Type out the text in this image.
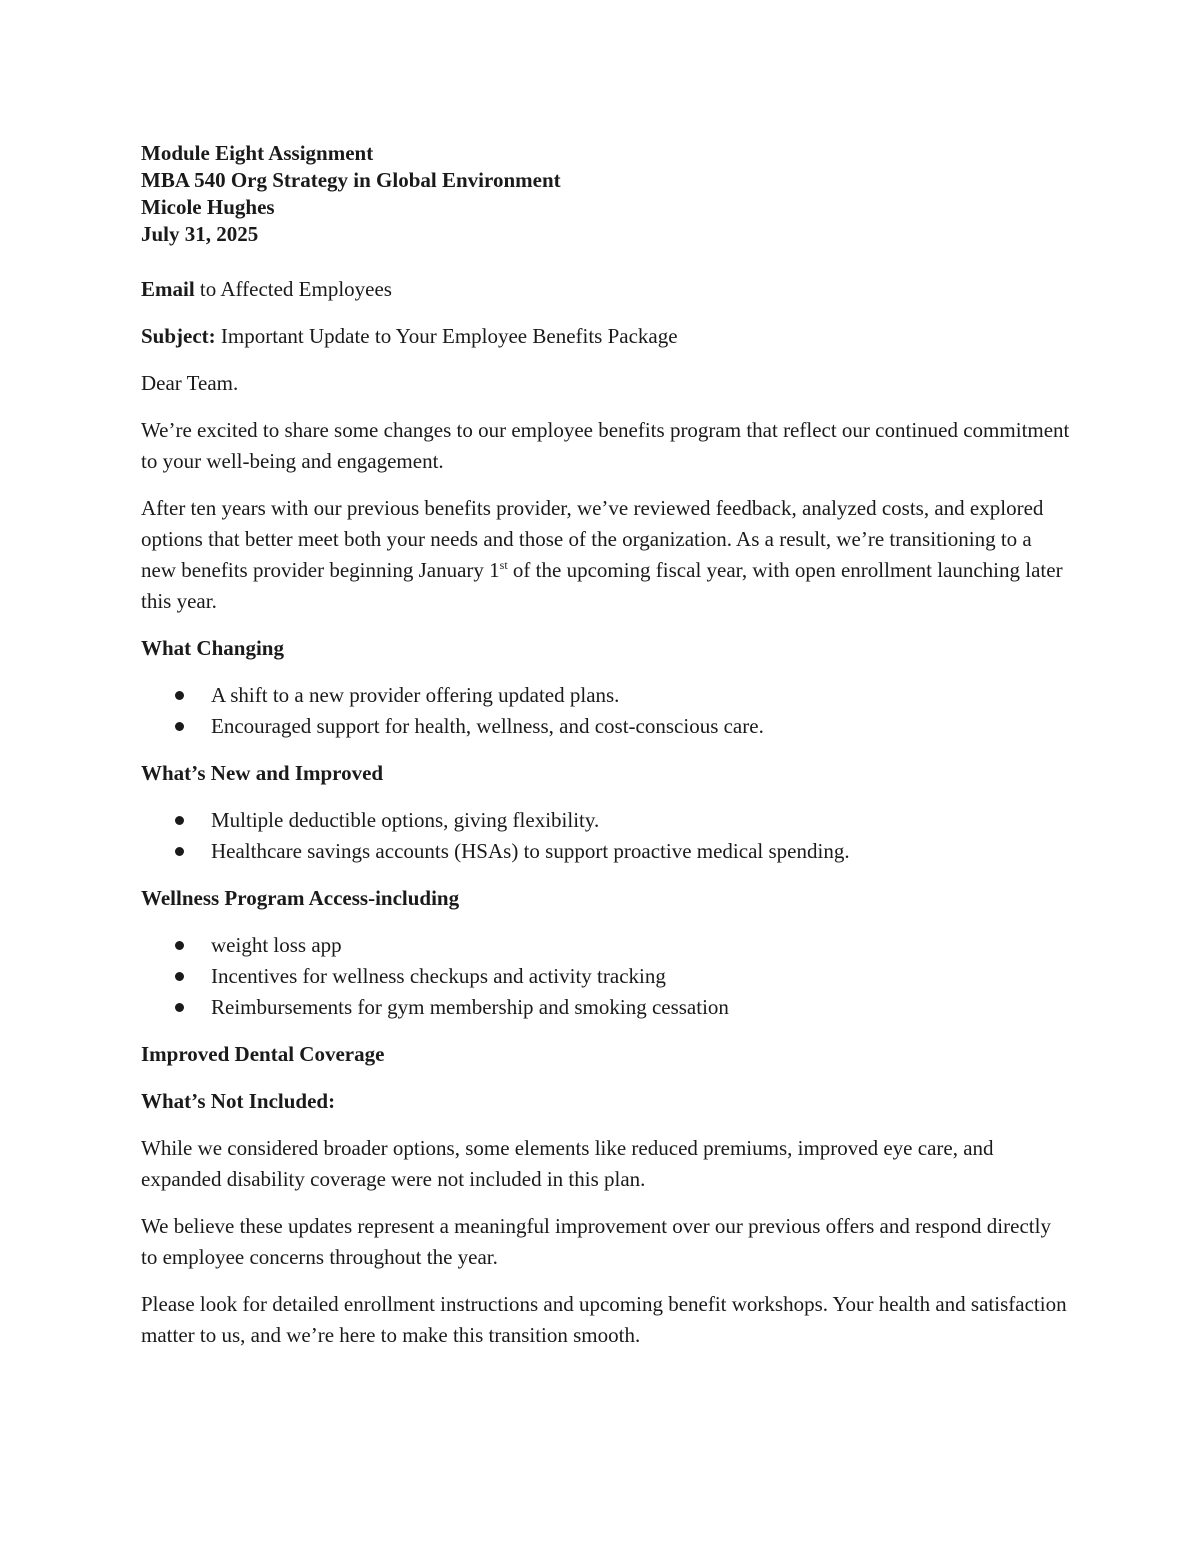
Module Eight Assignment
MBA 540 Org Strategy in Global Environment
Micole Hughes
July 31, 2025

Email to Affected Employees

Subject: Important Update to Your Employee Benefits Package

Dear Team.

We’re excited to share some changes to our employee benefits program that reflect our continued commitment to your well-being and engagement.

After ten years with our previous benefits provider, we’ve reviewed feedback, analyzed costs, and explored options that better meet both your needs and those of the organization. As a result, we’re transitioning to a new benefits provider beginning January 1st of the upcoming fiscal year, with open enrollment launching later this year.

What Changing
A shift to a new provider offering updated plans.
Encouraged support for health, wellness, and cost-conscious care.
What’s New and Improved
Multiple deductible options, giving flexibility.
Healthcare savings accounts (HSAs) to support proactive medical spending.
Wellness Program Access-including
weight loss app
Incentives for wellness checkups and activity tracking
Reimbursements for gym membership and smoking cessation
Improved Dental Coverage
What’s Not Included:

While we considered broader options, some elements like reduced premiums, improved eye care, and expanded disability coverage were not included in this plan.

We believe these updates represent a meaningful improvement over our previous offers and respond directly to employee concerns throughout the year.

Please look for detailed enrollment instructions and upcoming benefit workshops. Your health and satisfaction matter to us, and we’re here to make this transition smooth.
